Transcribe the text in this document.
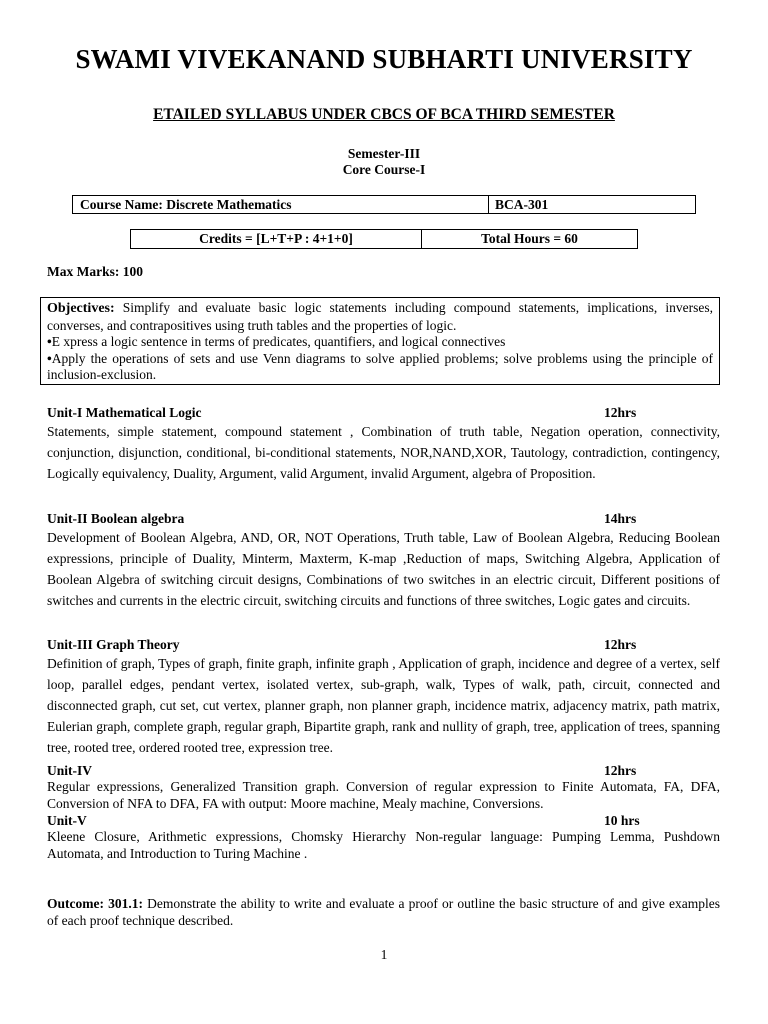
SWAMI VIVEKANAND SUBHARTI UNIVERSITY
ETAILED SYLLABUS UNDER CBCS OF BCA THIRD SEMESTER
Semester-III
Core Course-I
Course Name: Discrete Mathematics	BCA-301
Credits = [L+T+P : 4+1+0]	Total Hours = 60
Max Marks: 100

Objectives: Simplify and evaluate basic logic statements including compound statements, implications, inverses, converses, and contrapositives using truth tables and the properties of logic.

• E xpress a logic sentence in terms of predicates, quantifiers, and logical connectives

• Apply the operations of sets and use Venn diagrams to solve applied problems; solve problems using the principle of inclusion-exclusion.

Unit-I Mathematical Logic	12hrs
Statements, simple statement, compound statement , Combination of truth table, Negation operation, connectivity, conjunction, disjunction, conditional, bi-conditional statements, NOR,NAND,XOR, Tautology, contradiction, contingency, Logically equivalency, Duality, Argument, valid Argument, invalid Argument, algebra of Proposition.
Unit-II Boolean algebra	14hrs
Development of Boolean Algebra, AND, OR, NOT Operations, Truth table, Law of Boolean Algebra, Reducing Boolean expressions, principle of Duality, Minterm, Maxterm, K-map ,Reduction of maps, Switching Algebra, Application of Boolean Algebra of switching circuit designs, Combinations of two switches in an electric circuit, Different positions of switches and currents in the electric circuit, switching circuits and functions of three switches, Logic gates and circuits.
Unit-III Graph Theory	12hrs
Definition of graph, Types of graph, finite graph, infinite graph , Application of graph, incidence and degree of a vertex, self loop, parallel edges, pendant vertex, isolated vertex, sub-graph, walk, Types of walk, path, circuit, connected and disconnected graph, cut set, cut vertex, planner graph, non planner graph, incidence matrix, adjacency matrix, path matrix, Eulerian graph, complete graph, regular graph, Bipartite graph, rank and nullity of graph, tree, application of trees, spanning tree, rooted tree, ordered rooted tree, expression tree.
Unit-IV	12hrs
Regular expressions, Generalized Transition graph. Conversion of regular expression to Finite Automata, FA, DFA, Conversion of NFA to DFA, FA with output: Moore machine, Mealy machine, Conversions.
Unit-V	10 hrs
Kleene Closure, Arithmetic expressions, Chomsky Hierarchy Non-regular language: Pumping Lemma, Pushdown Automata, and Introduction to Turing Machine .
Outcome: 301.1: Demonstrate the ability to write and evaluate a proof or outline the basic structure of and give examples of each proof technique described.
1
